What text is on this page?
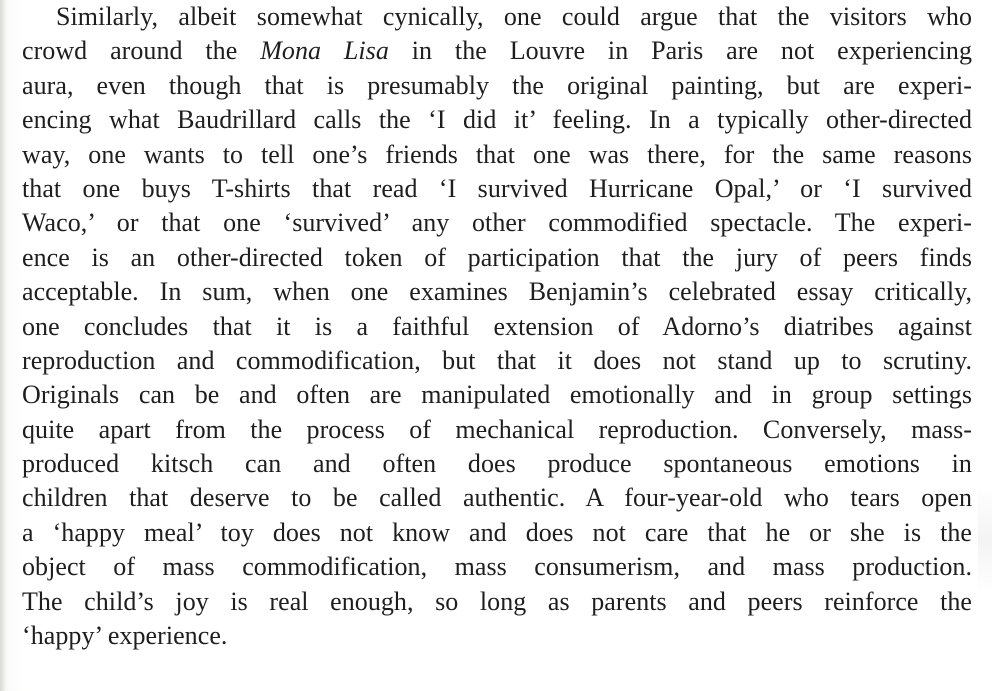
Similarly, albeit somewhat cynically, one could argue that the visitors who
crowd around the Mona Lisa in the Louvre in Paris are not experiencing
aura, even though that is presumably the original painting, but are experi-
encing what Baudrillard calls the ‘I did it’ feeling. In a typically other-directed
way, one wants to tell one’s friends that one was there, for the same reasons
that one buys T-shirts that read ‘I survived Hurricane Opal,’ or ‘I survived
Waco,’ or that one ‘survived’ any other commodified spectacle. The experi-
ence is an other-directed token of participation that the jury of peers finds
acceptable. In sum, when one examines Benjamin’s celebrated essay critically,
one concludes that it is a faithful extension of Adorno’s diatribes against
reproduction and commodification, but that it does not stand up to scrutiny.
Originals can be and often are manipulated emotionally and in group settings
quite apart from the process of mechanical reproduction. Conversely, mass-
produced kitsch can and often does produce spontaneous emotions in
children that deserve to be called authentic. A four-year-old who tears open
a ‘happy meal’ toy does not know and does not care that he or she is the
object of mass commodification, mass consumerism, and mass production.
The child’s joy is real enough, so long as parents and peers reinforce the
‘happy’ experience.
